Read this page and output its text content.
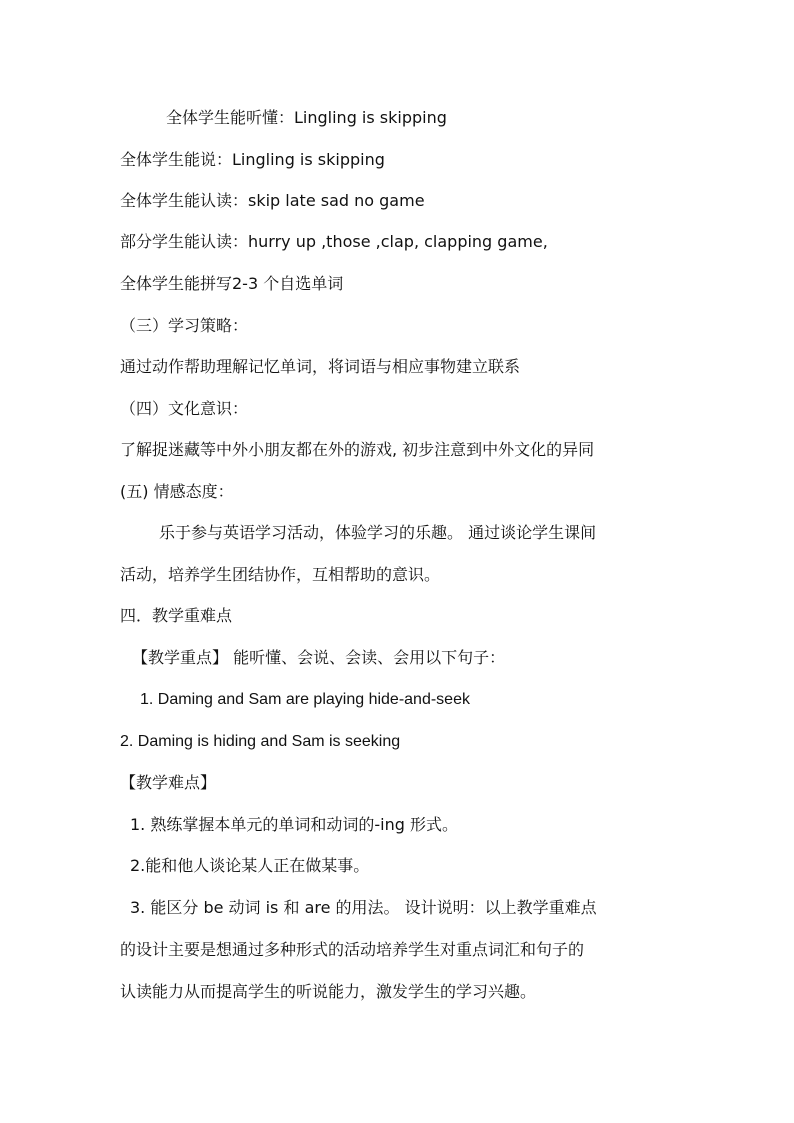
全体学生能听懂：Lingling is skipping
全体学生能说：Lingling is skipping
全体学生能认读：skip late sad no game
部分学生能认读：hurry up ,those ,clap, clapping game,
全体学生能拼写2-3 个自选单词
（三）学习策略：
通过动作帮助理解记忆单词，将词语与相应事物建立联系
（四）文化意识：
了解捉迷藏等中外小朋友都在外的游戏, 初步注意到中外文化的异同
(五) 情感态度：
乐于参与英语学习活动，体验学习的乐趣。 通过谈论学生课间
活动，培养学生团结协作，互相帮助的意识。
四．教学重难点
【教学重点】 能听懂、会说、会读、会用以下句子：
1. Daming and Sam are playing hide-and-seek
2. Daming is hiding and Sam is seeking
【教学难点】
1. 熟练掌握本单元的单词和动词的-ing 形式。
2.能和他人谈论某人正在做某事。
3. 能区分 be 动词 is 和 are 的用法。 设计说明：以上教学重难点
的设计主要是想通过多种形式的活动培养学生对重点词汇和句子的
认读能力从而提高学生的听说能力，激发学生的学习兴趣。
